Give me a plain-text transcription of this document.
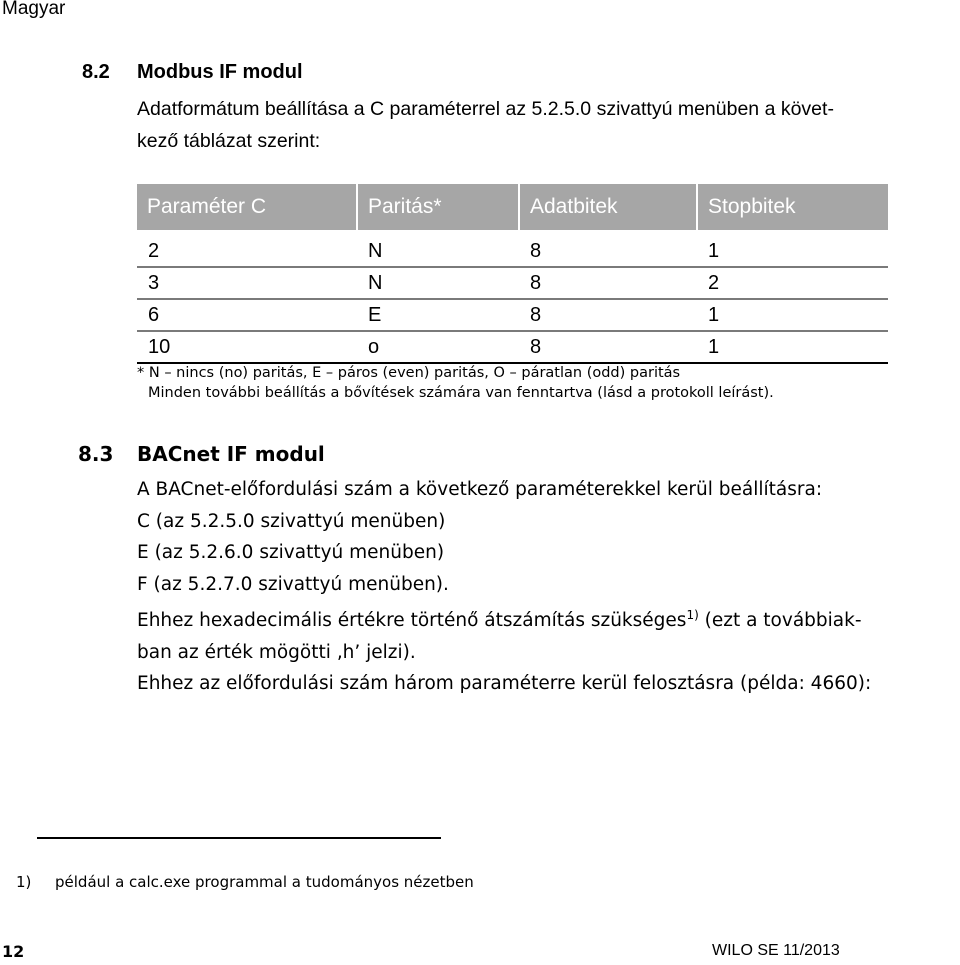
Magyar
8.2 Modbus IF modul
Adatformátum beállítása a C paraméterrel az 5.2.5.0 szivattyú menüben a követ-
kező táblázat szerint:
Paraméter C	Paritás*	Adatbitek	Stopbitek
2	N	8	1
3	N	8	2
6	E	8	1
10	o	8	1
* N – nincs (no) paritás, E – páros (even) paritás, O – páratlan (odd) paritás
Minden további beállítás a bővítések számára van fenntartva (lásd a protokoll leírást).
8.3 BACnet IF modul
A BACnet-előfordulási szám a következő paraméterekkel kerül beállításra:
C (az 5.2.5.0 szivattyú menüben)
E (az 5.2.6.0 szivattyú menüben)
F (az 5.2.7.0 szivattyú menüben).
Ehhez hexadecimális értékre történő átszámítás szükséges$^{1)}$ (ezt a továbbiak-
ban az érték mögötti ‚h’ jelzi).
Ehhez az előfordulási szám három paraméterre kerül felosztásra (példa: 4660):
1) például a calc.exe programmal a tudományos nézetben
12	WILO SE 11/2013
